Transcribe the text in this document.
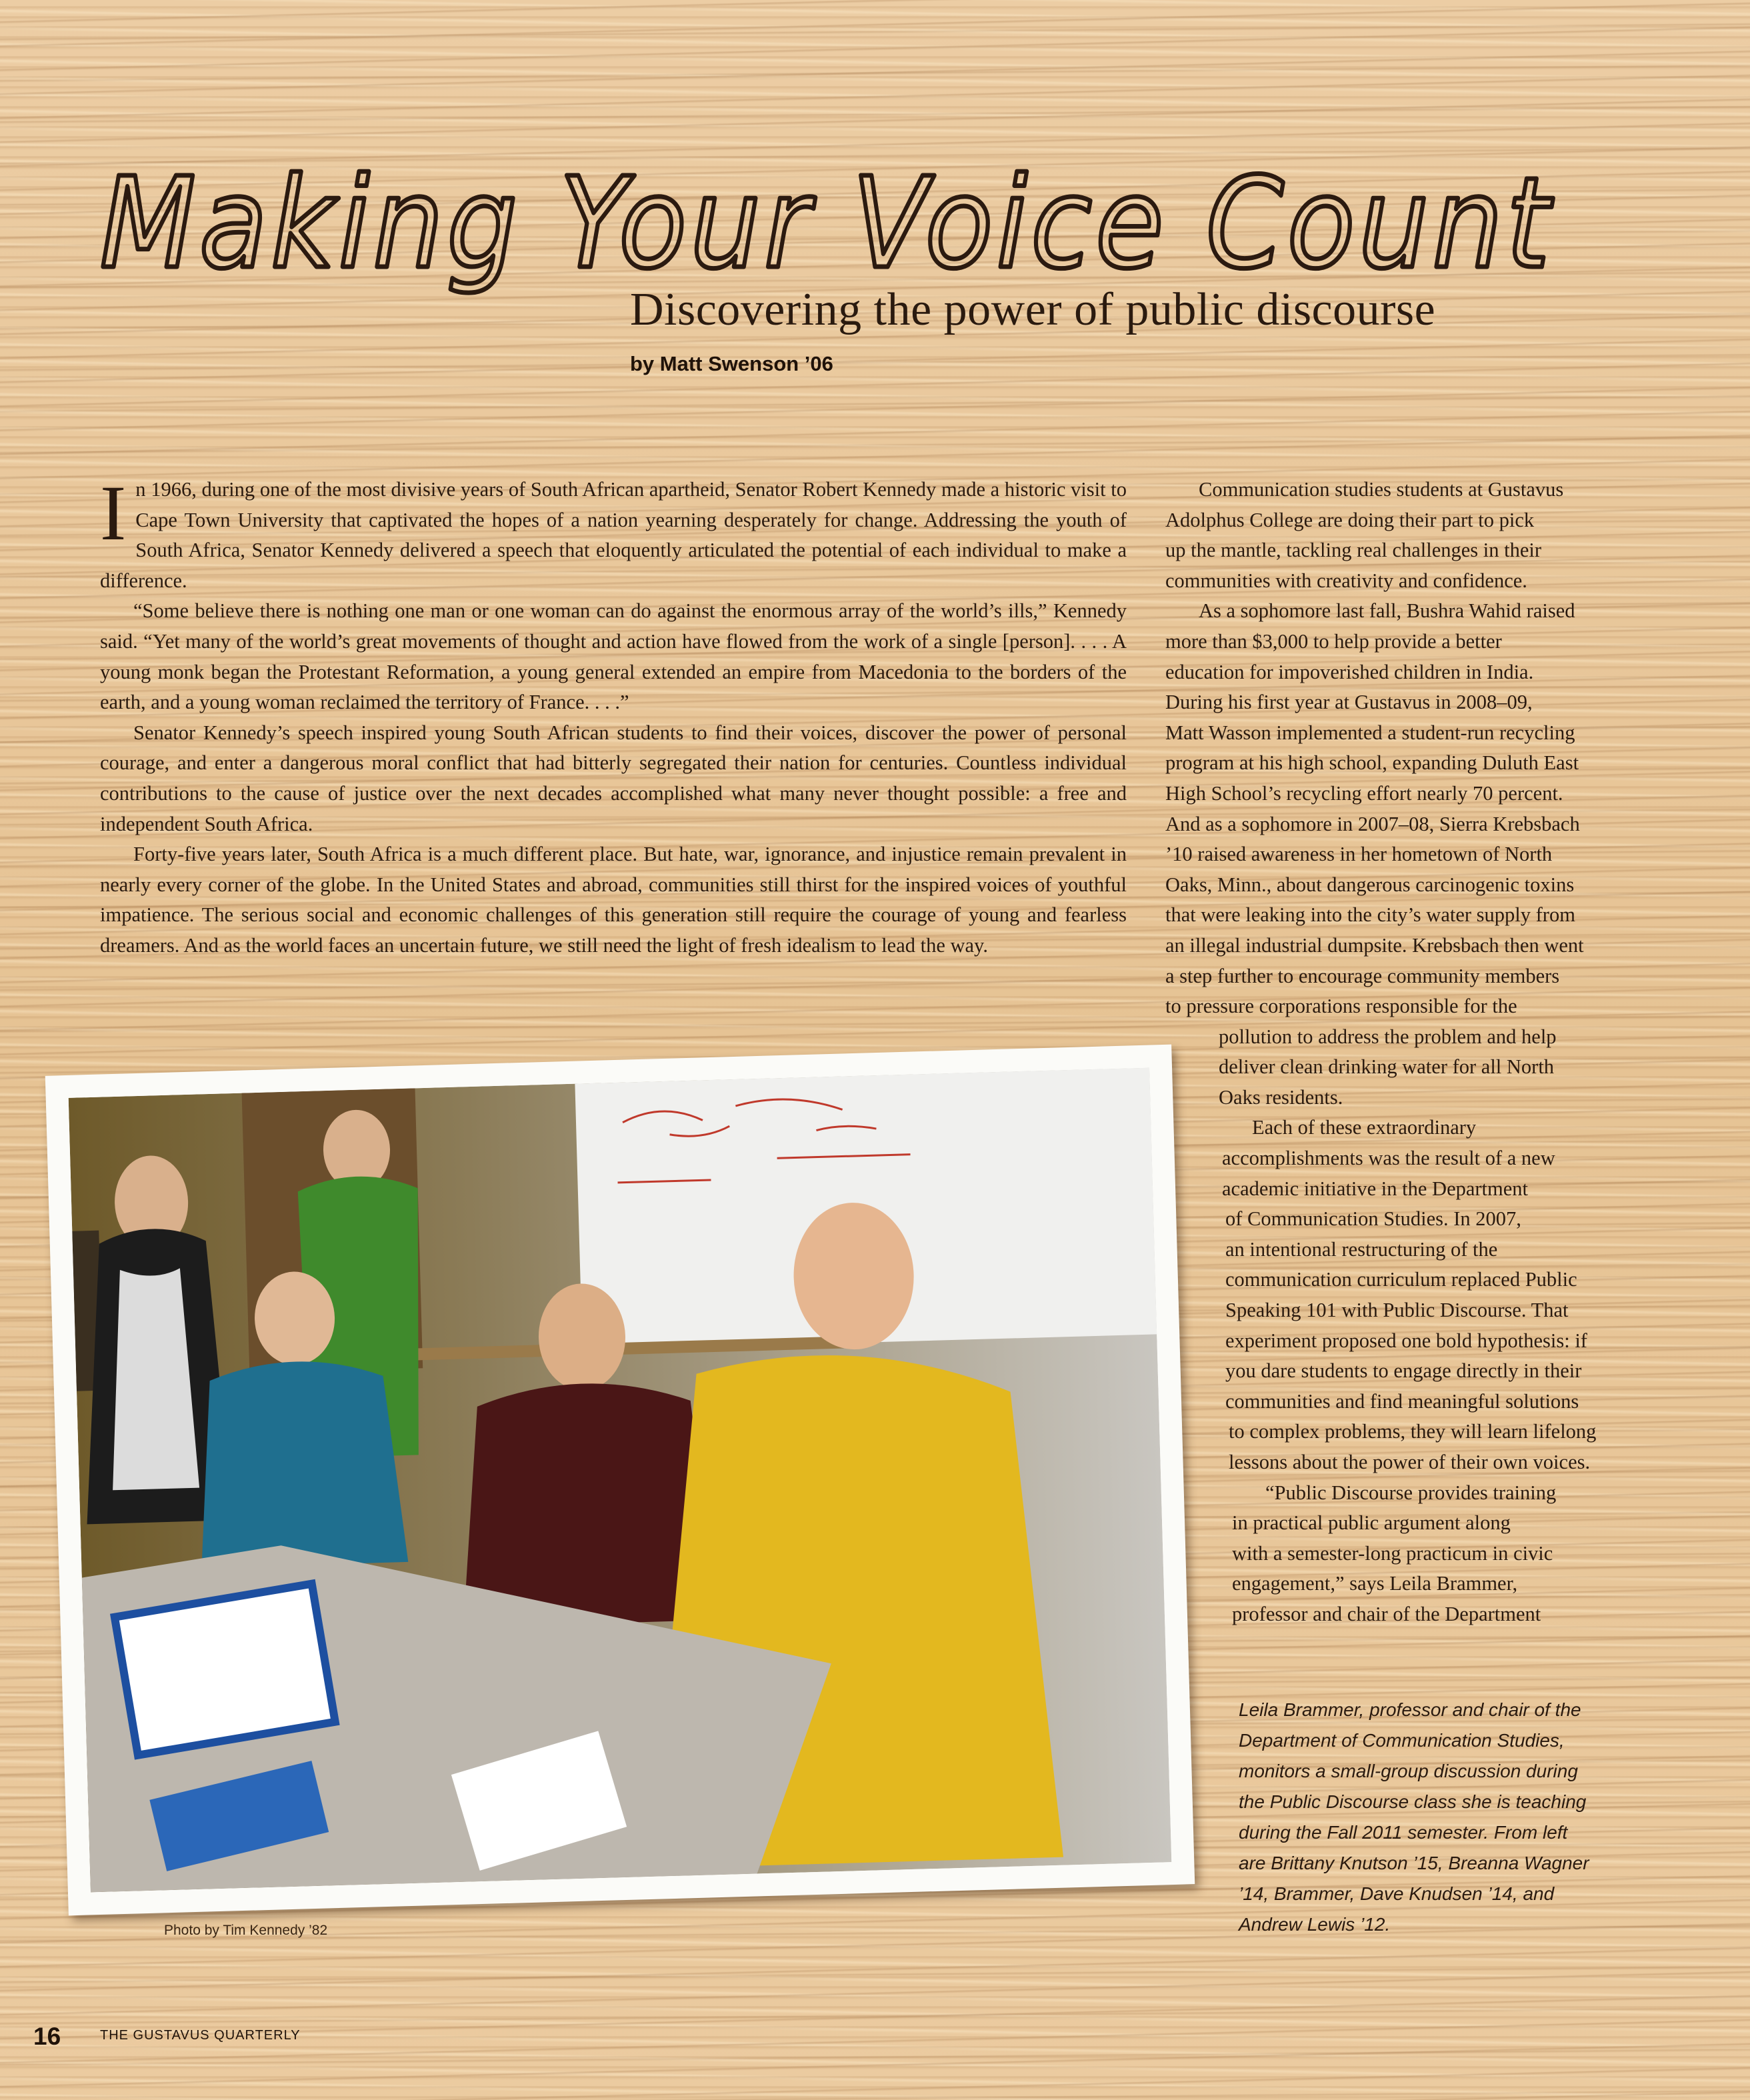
Making Your Voice Count
Discovering the power of public discourse
by Matt Swenson ’06

In 1966, during one of the most divisive years of South African apartheid, Senator Robert Kennedy made a historic visit to Cape Town University that captivated the hopes of a nation yearning desperately for change. Addressing the youth of South Africa, Senator Kennedy delivered a speech that eloquently articulated the potential of each individual to make a difference.

“Some believe there is nothing one man or one woman can do against the enormous array of the world’s ills,” Kennedy said. “Yet many of the world’s great movements of thought and action have flowed from the work of a single [person]. . . . A young monk began the Protestant Reformation, a young general extended an empire from Macedonia to the borders of the earth, and a young woman reclaimed the territory of France. . . .”

Senator Kennedy’s speech inspired young South African students to find their voices, discover the power of personal courage, and enter a dangerous moral conflict that had bitterly segregated their nation for centuries. Countless individual contributions to the cause of justice over the next decades accomplished what many never thought possible: a free and independent South Africa.

Forty-five years later, South Africa is a much different place. But hate, war, ignorance, and injustice remain prevalent in nearly every corner of the globe. In the United States and abroad, communities still thirst for the inspired voices of youthful impatience. The serious social and economic challenges of this generation still require the courage of young and fearless dreamers. And as the world faces an uncertain future, we still need the light of fresh idealism to lead the way.

Communication studies students at Gustavus
Adolphus College are doing their part to pick
up the mantle, tackling real challenges in their
communities with creativity and confidence.
As a sophomore last fall, Bushra Wahid raised
more than $3,000 to help provide a better
education for impoverished children in India.
During his first year at Gustavus in 2008–09,
Matt Wasson implemented a student-run recycling
program at his high school, expanding Duluth East
High School’s recycling effort nearly 70 percent.
And as a sophomore in 2007–08, Sierra Krebsbach
’10 raised awareness in her hometown of North
Oaks, Minn., about dangerous carcinogenic toxins
that were leaking into the city’s water supply from
an illegal industrial dumpsite. Krebsbach then went
a step further to encourage community members
to pressure corporations responsible for the
pollution to address the problem and help
deliver clean drinking water for all North
Oaks residents.
Each of these extraordinary
accomplishments was the result of a new
academic initiative in the Department
of Communication Studies. In 2007,
an intentional restructuring of the
communication curriculum replaced Public
Speaking 101 with Public Discourse. That
experiment proposed one bold hypothesis: if
you dare students to engage directly in their
communities and find meaningful solutions
to complex problems, they will learn lifelong
lessons about the power of their own voices.
“Public Discourse provides training
in practical public argument along
with a semester-long practicum in civic
engagement,” says Leila Brammer,
professor and chair of the Department
Photo by Tim Kennedy ’82
Leila Brammer, professor and chair of the
Department of Communication Studies,
monitors a small-group discussion during
the Public Discourse class she is teaching
during the Fall 2011 semester. From left
are Brittany Knutson ’15, Breanna Wagner
’14, Brammer, Dave Knudsen ’14, and
Andrew Lewis ’12.
16	THE GUSTAVUS QUARTERLY
